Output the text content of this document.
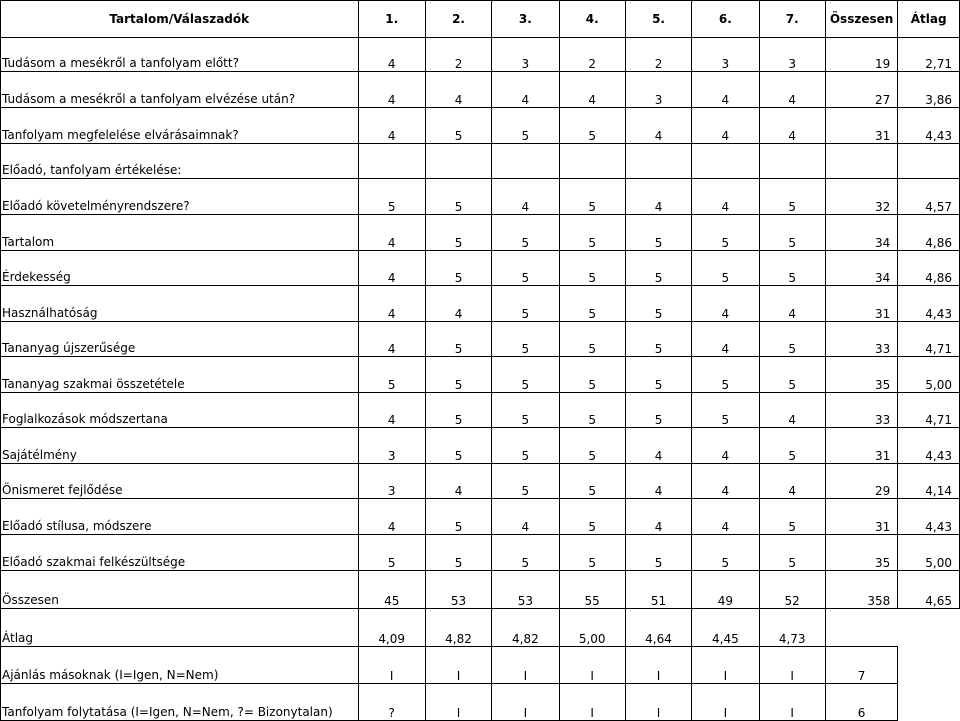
Tartalom/Válaszadók	1.	2.	3.	4.	5.	6.	7.	Összesen	Átlag
Tudásom a mesékről a tanfolyam előtt?	4	2	3	2	2	3	3	19	2,71
Tudásom a mesékről a tanfolyam elvézése után?	4	4	4	4	3	4	4	27	3,86
Tanfolyam megfelelése elvárásaimnak?	4	5	5	5	4	4	4	31	4,43
Előadó, tanfolyam értékelése:									
Előadó követelményrendszere?	5	5	4	5	4	4	5	32	4,57
Tartalom	4	5	5	5	5	5	5	34	4,86
Érdekesség	4	5	5	5	5	5	5	34	4,86
Használhatóság	4	4	5	5	5	4	4	31	4,43
Tananyag újszerűsége	4	5	5	5	5	4	5	33	4,71
Tananyag szakmai összetétele	5	5	5	5	5	5	5	35	5,00
Foglalkozások módszertana	4	5	5	5	5	5	4	33	4,71
Sajátélmény	3	5	5	5	4	4	5	31	4,43
Önismeret fejlődése	3	4	5	5	4	4	4	29	4,14
Előadó stílusa, módszere	4	5	4	5	4	4	5	31	4,43
Előadó szakmai felkészültsége	5	5	5	5	5	5	5	35	5,00
Összesen	45	53	53	55	51	49	52	358	4,65
Átlag	4,09	4,82	4,82	5,00	4,64	4,45	4,73		
Ajánlás másoknak (I=Igen, N=Nem)	I	I	I	I	I	I	I	7	
Tanfolyam folytatása (I=Igen, N=Nem, ?= Bizonytalan)	?	I	I	I	I	I	I	6	
